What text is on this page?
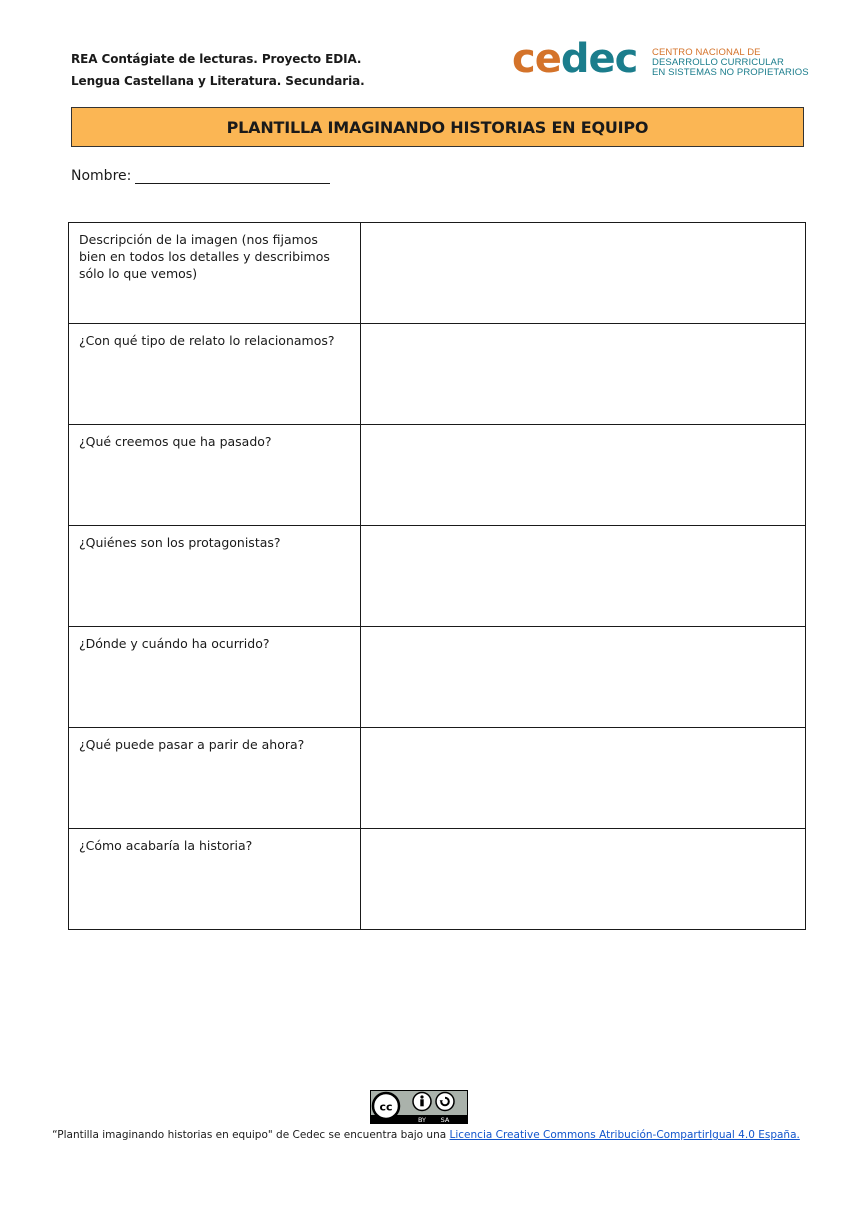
REA Contágiate de lecturas. Proyecto EDIA.
Lengua Castellana y Literatura. Secundaria.	cedec CENTRO NACIONAL DE
DESARROLLO CURRICULAR
EN SISTEMAS NO PROPIETARIOS
PLANTILLA IMAGINANDO HISTORIAS EN EQUIPO
Nombre:
Descripción de la imagen (nos fijamos bien en todos los detalles y describimos sólo lo que vemos)	

¿Con qué tipo de relato lo relacionamos?	

¿Qué creemos que ha pasado?	

¿Quiénes son los protagonistas?	

¿Dónde y cuándo ha ocurrido?	

¿Qué puede pasar a parir de ahora?	

¿Cómo acabaría la historia?	

cc
BY SA
“Plantilla imaginando historias en equipo" de Cedec se encuentra bajo una Licencia Creative Commons Atribución-CompartirIgual 4.0 España.
